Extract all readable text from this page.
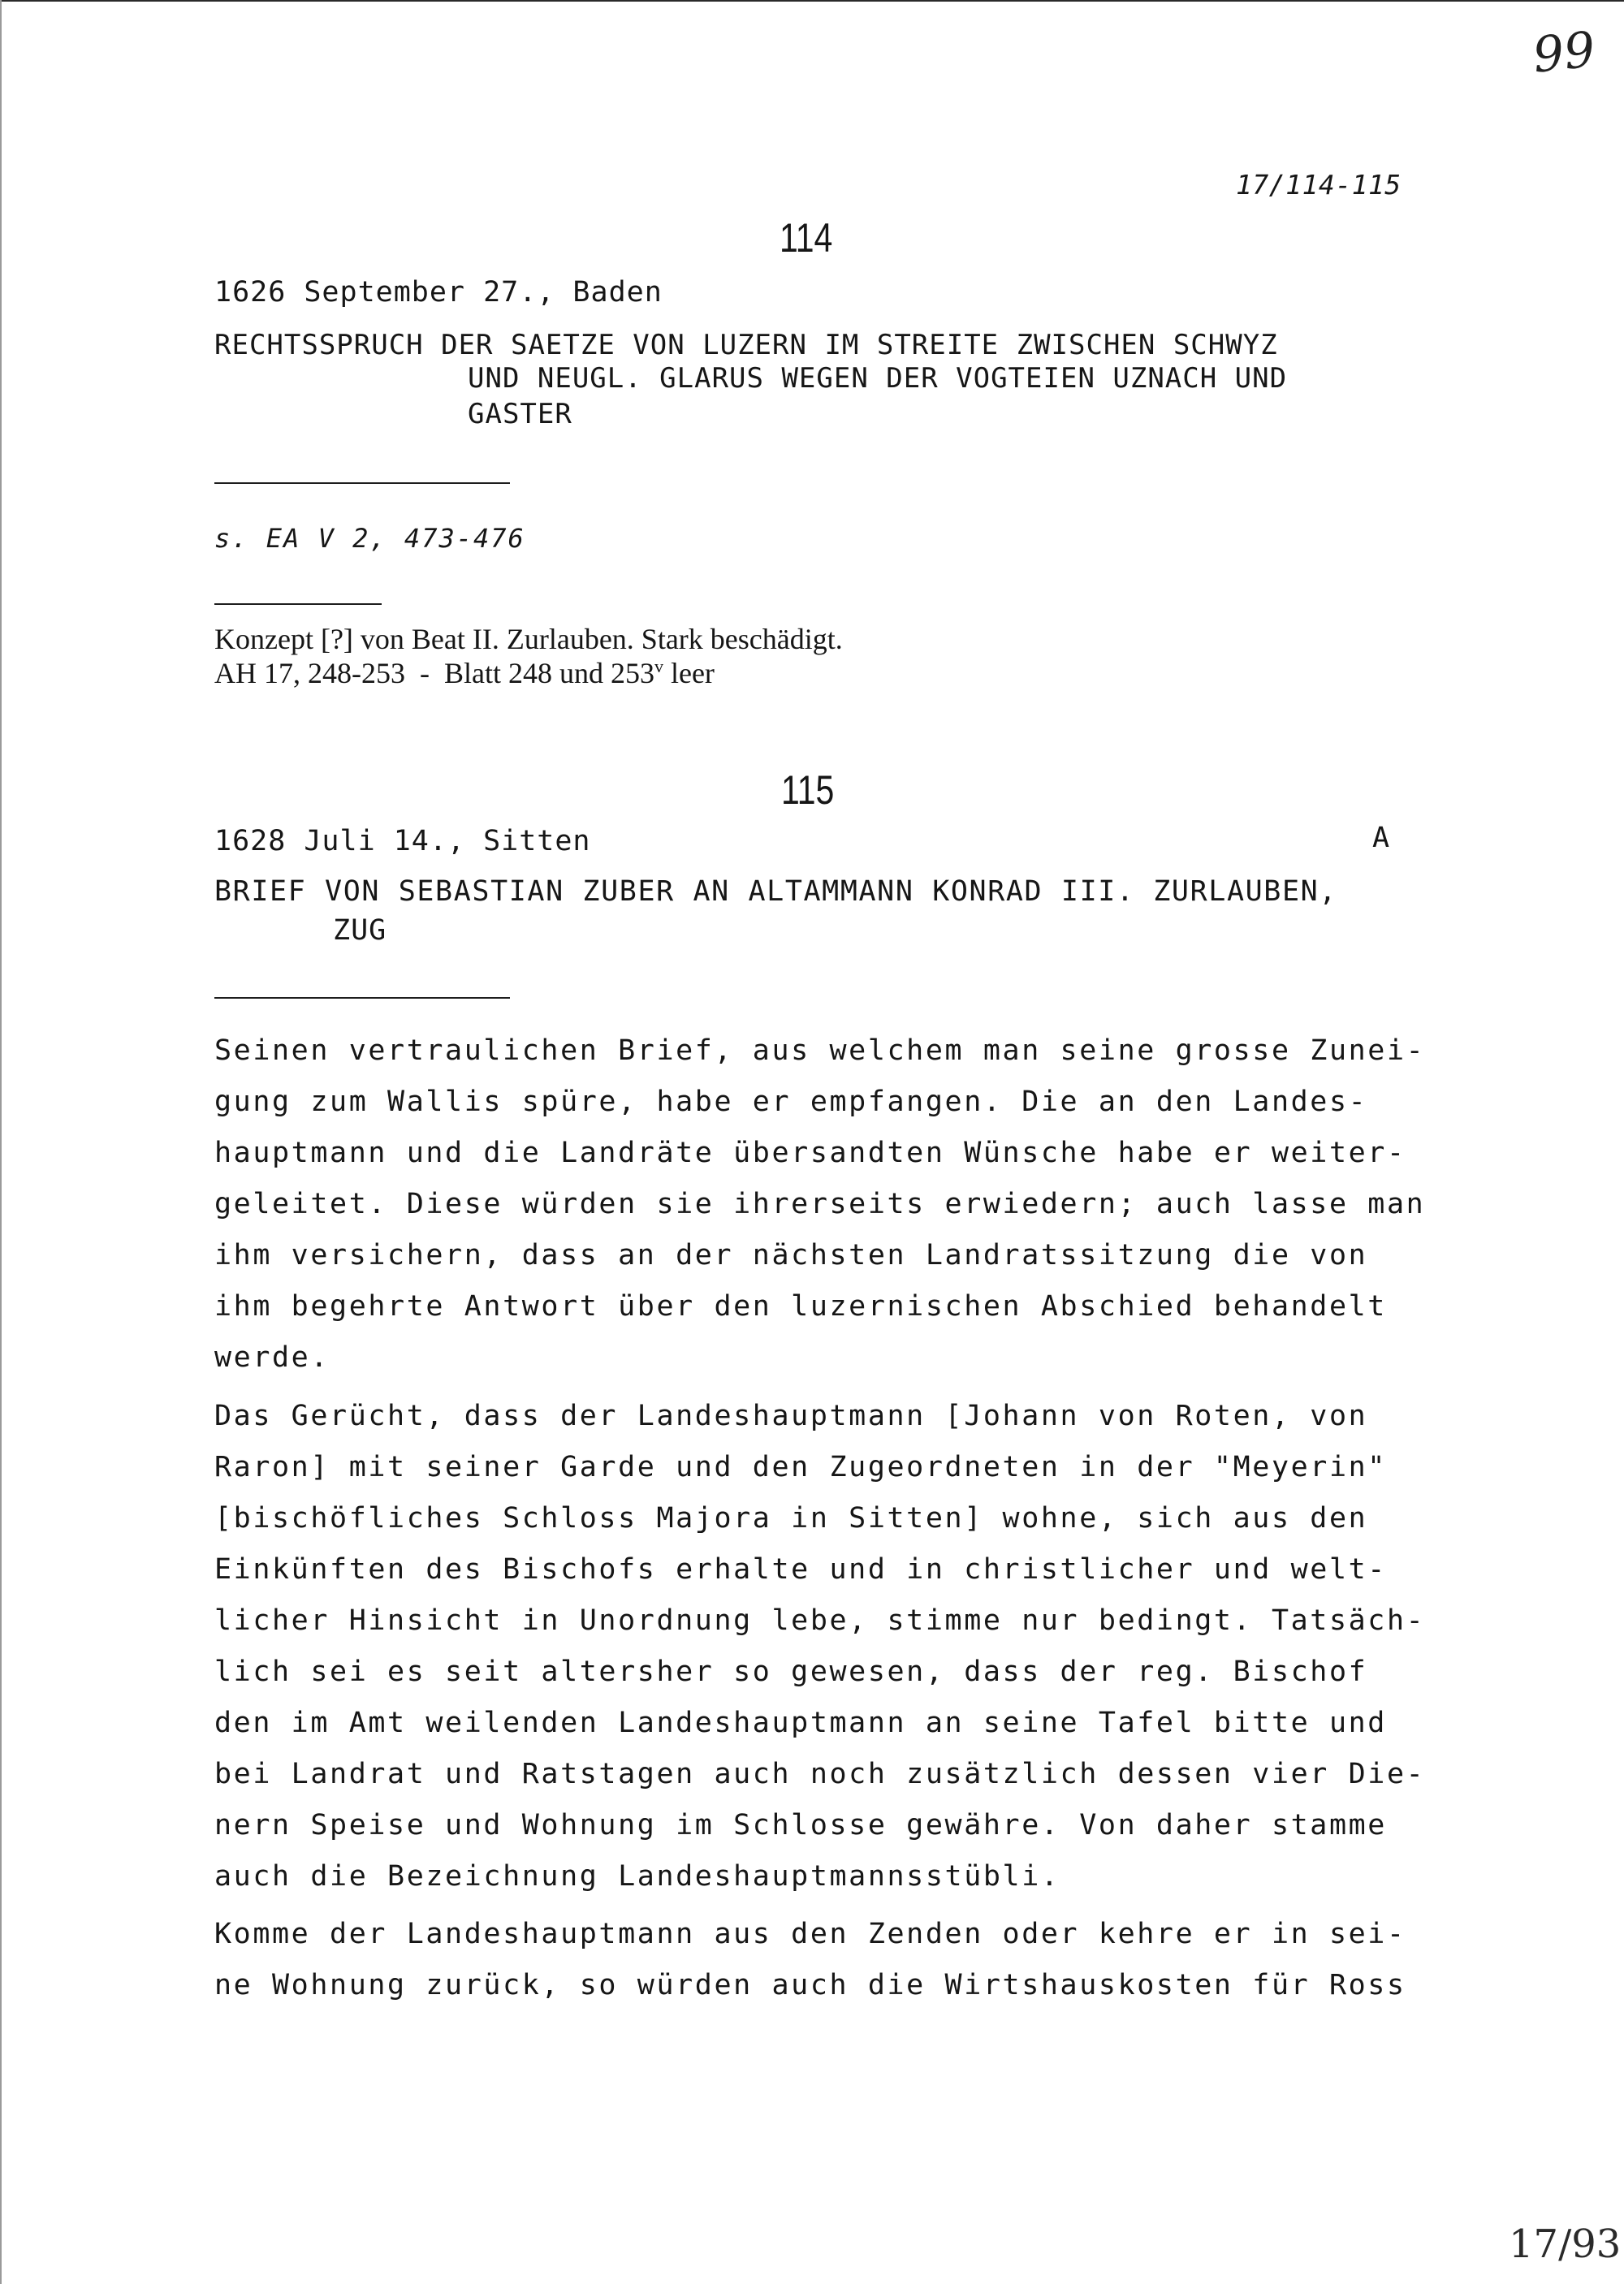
99

17/114-115

114

1626 September 27., Baden

RECHTSSPRUCH DER SAETZE VON LUZERN IM STREITE ZWISCHEN SCHWYZ

UND NEUGL. GLARUS WEGEN DER VOGTEIEN UZNACH UND

GASTER

s. EA V 2, 473-476

Konzept [?] von Beat II. Zurlauben. Stark beschädigt.

AH 17, 248-253  -  Blatt 248 und 253$^v$ leer

115

1628 Juli 14., Sitten	A

BRIEF VON SEBASTIAN ZUBER AN ALTAMMANN KONRAD III. ZURLAUBEN,

ZUG

Seinen vertraulichen Brief, aus welchem man seine grosse Zunei-

gung zum Wallis spüre, habe er empfangen. Die an den Landes-

hauptmann und die Landräte übersandten Wünsche habe er weiter-

geleitet. Diese würden sie ihrerseits erwiedern; auch lasse man

ihm versichern, dass an der nächsten Landratssitzung die von

ihm begehrte Antwort über den luzernischen Abschied behandelt

werde.

Das Gerücht, dass der Landeshauptmann [Johann von Roten, von

Raron] mit seiner Garde und den Zugeordneten in der "Meyerin"

[bischöfliches Schloss Majora in Sitten] wohne, sich aus den

Einkünften des Bischofs erhalte und in christlicher und welt-

licher Hinsicht in Unordnung lebe, stimme nur bedingt. Tatsäch-

lich sei es seit altersher so gewesen, dass der reg. Bischof

den im Amt weilenden Landeshauptmann an seine Tafel bitte und

bei Landrat und Ratstagen auch noch zusätzlich dessen vier Die-

nern Speise und Wohnung im Schlosse gewähre. Von daher stamme

auch die Bezeichnung Landeshauptmannsstübli.

Komme der Landeshauptmann aus den Zenden oder kehre er in sei-

ne Wohnung zurück, so würden auch die Wirtshauskosten für Ross

17/93
